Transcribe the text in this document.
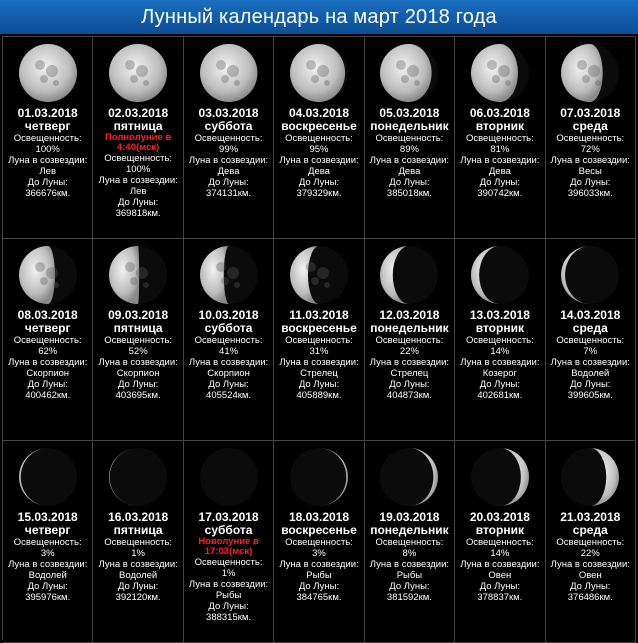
Лунный календарь на март 2018 года
01.03.2018
четверг
Освещенность:
100%
Луна в созвездии:
Лев
До Луны:
366676км.
02.03.2018
пятница
Полнолуние в 4:40(мск)
Освещенность:
100%
Луна в созвездии:
Лев
До Луны:
369818км.
03.03.2018
суббота
Освещенность:
99%
Луна в созвездии:
Дева
До Луны:
374131км.
04.03.2018
воскресенье
Освещенность:
95%
Луна в созвездии:
Дева
До Луны:
379329км.
05.03.2018
понедельник
Освещенность:
89%
Луна в созвездии:
Дева
До Луны:
385018км.
06.03.2018
вторник
Освещенность:
81%
Луна в созвездии:
Дева
До Луны:
390742км.
07.03.2018
среда
Освещенность:
72%
Луна в созвездии:
Весы
До Луны:
396033км.
08.03.2018
четверг
Освещенность:
62%
Луна в созвездии:
Скорпион
До Луны:
400462км.
09.03.2018
пятница
Освещенность:
52%
Луна в созвездии:
Скорпион
До Луны:
403695км.
10.03.2018
суббота
Освещенность:
41%
Луна в созвездии:
Скорпион
До Луны:
405524км.
11.03.2018
воскресенье
Освещенность:
31%
Луна в созвездии:
Стрелец
До Луны:
405889км.
12.03.2018
понедельник
Освещенность:
22%
Луна в созвездии:
Стрелец
До Луны:
404873км.
13.03.2018
вторник
Освещенность:
14%
Луна в созвездии:
Козерог
До Луны:
402681км.
14.03.2018
среда
Освещенность:
7%
Луна в созвездии:
Водолей
До Луны:
399605км.
15.03.2018
четверг
Освещенность:
3%
Луна в созвездии:
Водолей
До Луны:
395976км.
16.03.2018
пятница
Освещенность:
1%
Луна в созвездии:
Водолей
До Луны:
392120км.
17.03.2018
суббота
Новолуние в 17:03(мск)
Освещенность:
1%
Луна в созвездии:
Рыбы
До Луны:
388315км.
18.03.2018
воскресенье
Освещенность:
3%
Луна в созвездии:
Рыбы
До Луны:
384765км.
19.03.2018
понедельник
Освещенность:
8%
Луна в созвездии:
Рыбы
До Луны:
381592км.
20.03.2018
вторник
Освещенность:
14%
Луна в созвездии:
Овен
До Луны:
378837км.
21.03.2018
среда
Освещенность:
22%
Луна в созвездии:
Овен
До Луны:
376486км.
